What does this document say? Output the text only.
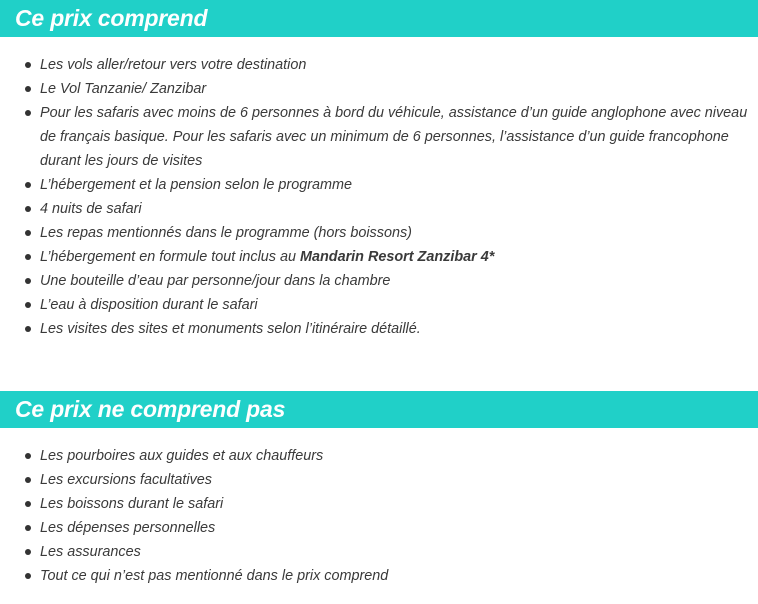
Ce prix comprend
Les vols aller/retour vers votre destination
Le Vol Tanzanie/ Zanzibar
Pour les safaris avec moins de 6 personnes à bord du véhicule, assistance d’un guide anglophone avec niveau de français basique. Pour les safaris avec un minimum de 6 personnes, l’assistance d’un guide francophone durant les jours de visites
L’hébergement et la pension selon le programme
4 nuits de safari
Les repas mentionnés dans le programme (hors boissons)
L’hébergement en formule tout inclus au Mandarin Resort Zanzibar 4*
Une bouteille d’eau par personne/jour dans la chambre
L’eau à disposition durant le safari
Les visites des sites et monuments selon l’itinéraire détaillé.
Ce prix ne comprend pas
Les pourboires aux guides et aux chauffeurs
Les excursions facultatives
Les boissons durant le safari
Les dépenses personnelles
Les assurances
Tout ce qui n’est pas mentionné dans le prix comprend
